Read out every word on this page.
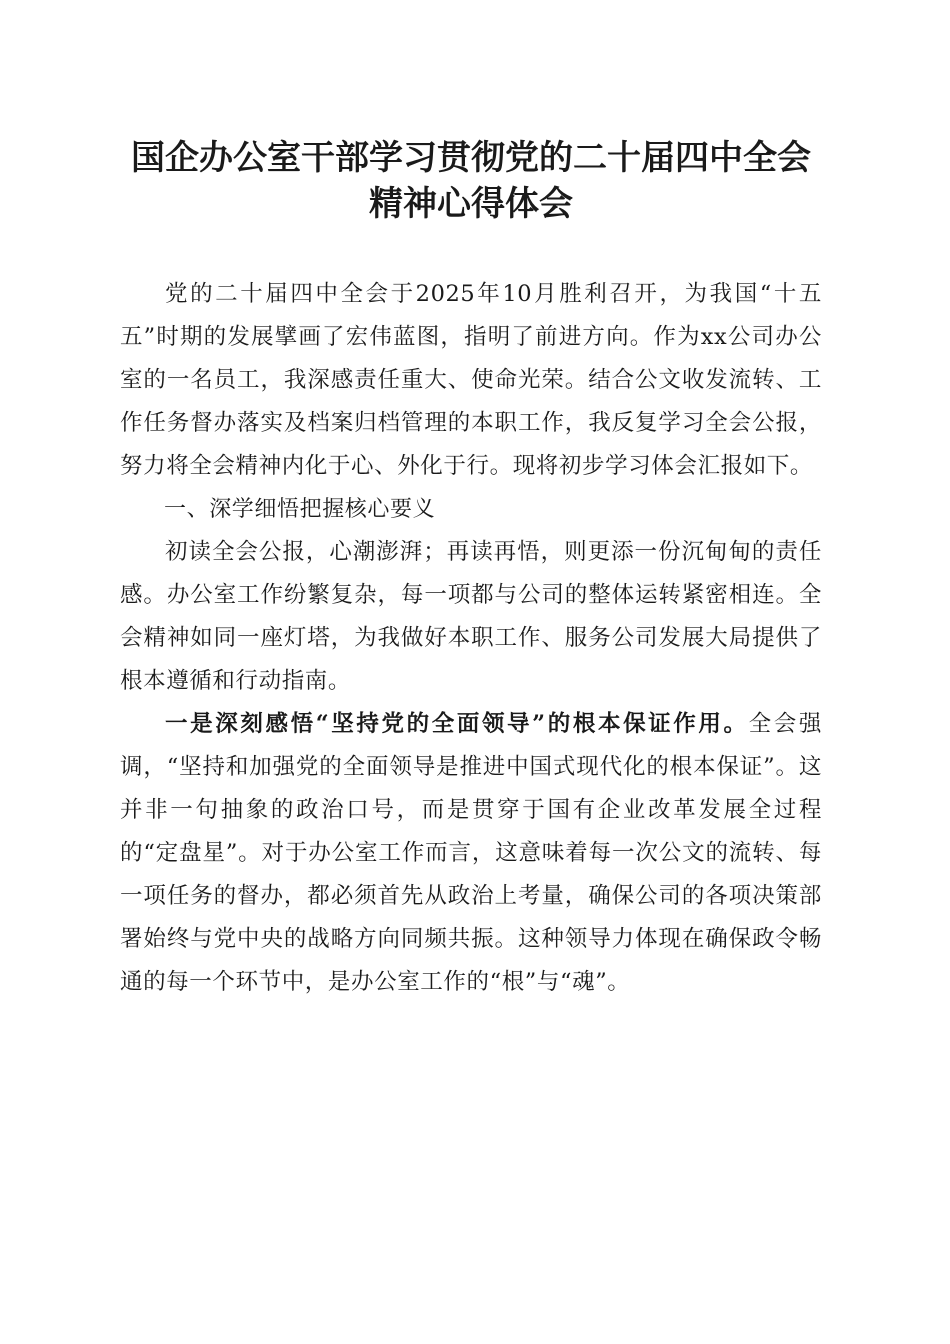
国企办公室干部学习贯彻党的二十届四中全会
精神心得体会

党的二十届四中全会于2025年10月胜利召开，为我国“十五五”时期的发展擘画了宏伟蓝图，指明了前进方向。作为xx公司办公室的一名员工，我深感责任重大、使命光荣。结合公文收发流转、工作任务督办落实及档案归档管理的本职工作，我反复学习全会公报，努力将全会精神内化于心、外化于行。现将初步学习体会汇报如下。

一、深学细悟把握核心要义

初读全会公报，心潮澎湃；再读再悟，则更添一份沉甸甸的责任感。办公室工作纷繁复杂，每一项都与公司的整体运转紧密相连。全会精神如同一座灯塔，为我做好本职工作、服务公司发展大局提供了根本遵循和行动指南。

一是深刻感悟“坚持党的全面领导”的根本保证作用。全会强调，“坚持和加强党的全面领导是推进中国式现代化的根本保证”。这并非一句抽象的政治口号，而是贯穿于国有企业改革发展全过程的“定盘星”。对于办公室工作而言，这意味着每一次公文的流转、每一项任务的督办，都必须首先从政治上考量，确保公司的各项决策部署始终与党中央的战略方向同频共振。这种领导力体现在确保政令畅通的每一个环节中，是办公室工作的“根”与“魂”。
